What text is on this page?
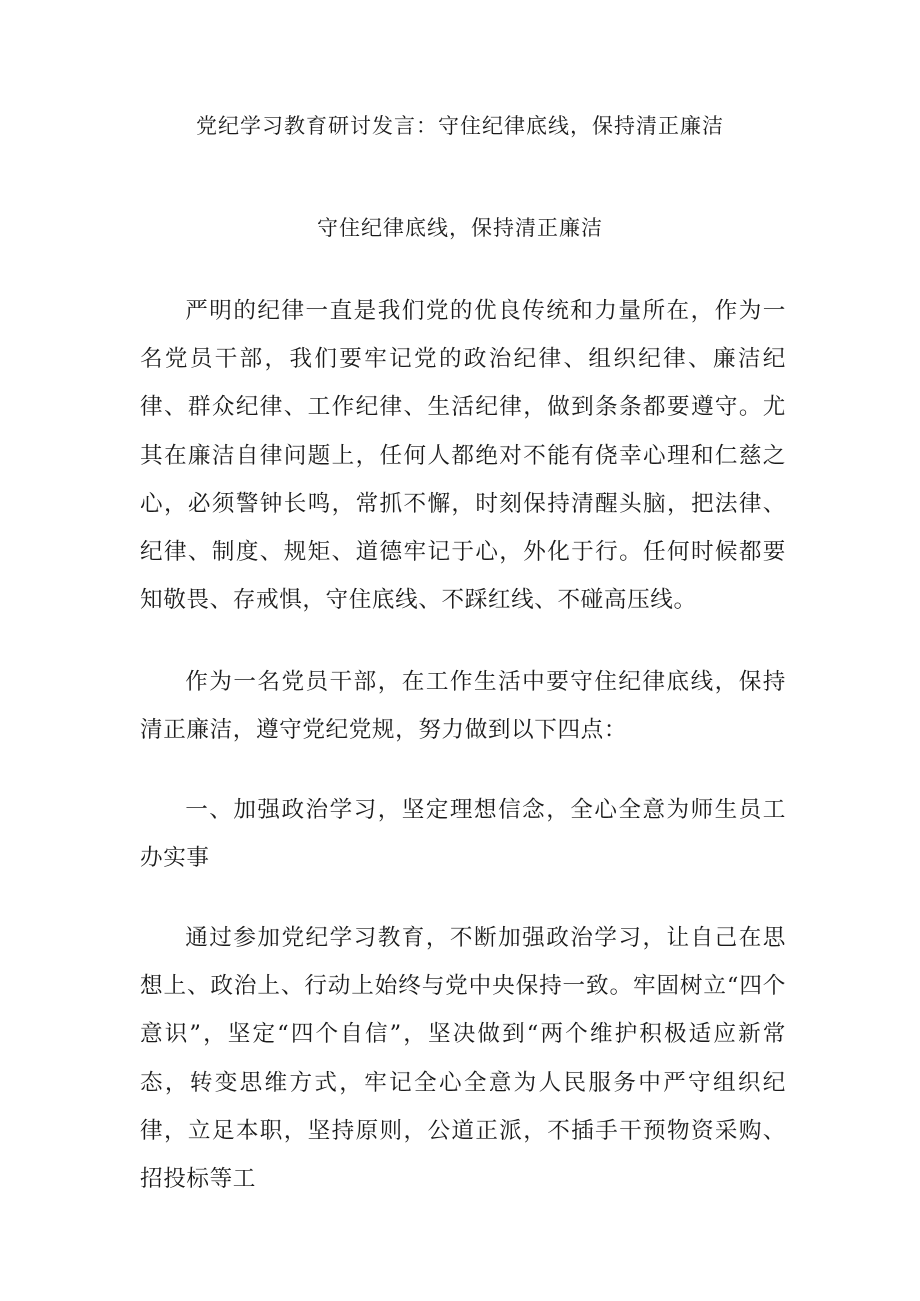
党纪学习教育研讨发言：守住纪律底线，保持清正廉洁
守住纪律底线，保持清正廉洁

严明的纪律一直是我们党的优良传统和力量所在，作为一名党员干部，我们要牢记党的政治纪律、组织纪律、廉洁纪律、群众纪律、工作纪律、生活纪律，做到条条都要遵守。尤其在廉洁自律问题上，任何人都绝对不能有侥幸心理和仁慈之心，必须警钟长鸣，常抓不懈，时刻保持清醒头脑，把法律、纪律、制度、规矩、道德牢记于心，外化于行。任何时候都要知敬畏、存戒惧，守住底线、不踩红线、不碰高压线。

作为一名党员干部，在工作生活中要守住纪律底线，保持清正廉洁，遵守党纪党规，努力做到以下四点：

一、加强政治学习，坚定理想信念，全心全意为师生员工办实事

通过参加党纪学习教育，不断加强政治学习，让自己在思想上、政治上、行动上始终与党中央保持一致。牢固树立“四个意识”，坚定“四个自信”，坚决做到“两个维护积极适应新常态，转变思维方式，牢记全心全意为人民服务中严守组织纪律，立足本职，坚持原则，公道正派，不插手干预物资采购、招投标等工
